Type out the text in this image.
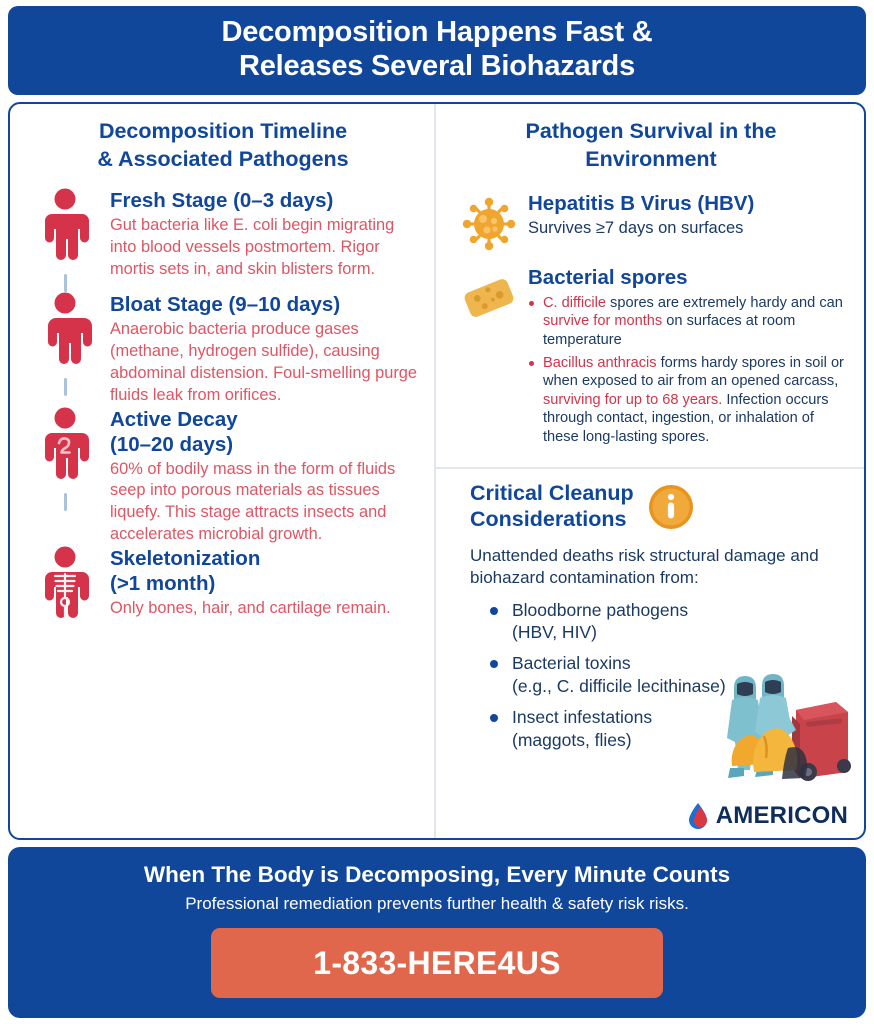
Decomposition Happens Fast &
Releases Several Biohazards
Decomposition Timeline
& Associated Pathogens
Fresh Stage (0–3 days)
Gut bacteria like E. coli begin migrating into blood vessels postmortem. Rigor mortis sets in, and skin blisters form.
Bloat Stage (9–10 days)
Anaerobic bacteria produce gases (methane, hydrogen sulfide), causing abdominal distension. Foul-smelling purge fluids leak from orifices.
Active Decay
(10–20 days)
60% of bodily mass in the form of fluids seep into porous materials as tissues liquefy. This stage attracts insects and accelerates microbial growth.
Skeletonization
(>1 month)
Only bones, hair, and cartilage remain.
Pathogen Survival in the
Environment
Hepatitis B Virus (HBV)
Survives ≥7 days on surfaces
Bacterial spores
C. difficile spores are extremely hardy and can survive for months on surfaces at room temperature
Bacillus anthracis forms hardy spores in soil or when exposed to air from an opened carcass, surviving for up to 68 years. Infection occurs through contact, ingestion, or inhalation of these long-lasting spores.
Critical Cleanup
Considerations
Unattended deaths risk structural damage and biohazard contamination from:
Bloodborne pathogens
(HBV, HIV)
Bacterial toxins
(e.g., C. difficile lecithinase)
Insect infestations
(maggots, flies)
AMERICON
When The Body is Decomposing, Every Minute Counts
Professional remediation prevents further health & safety risk risks.
1-833-HERE4US
